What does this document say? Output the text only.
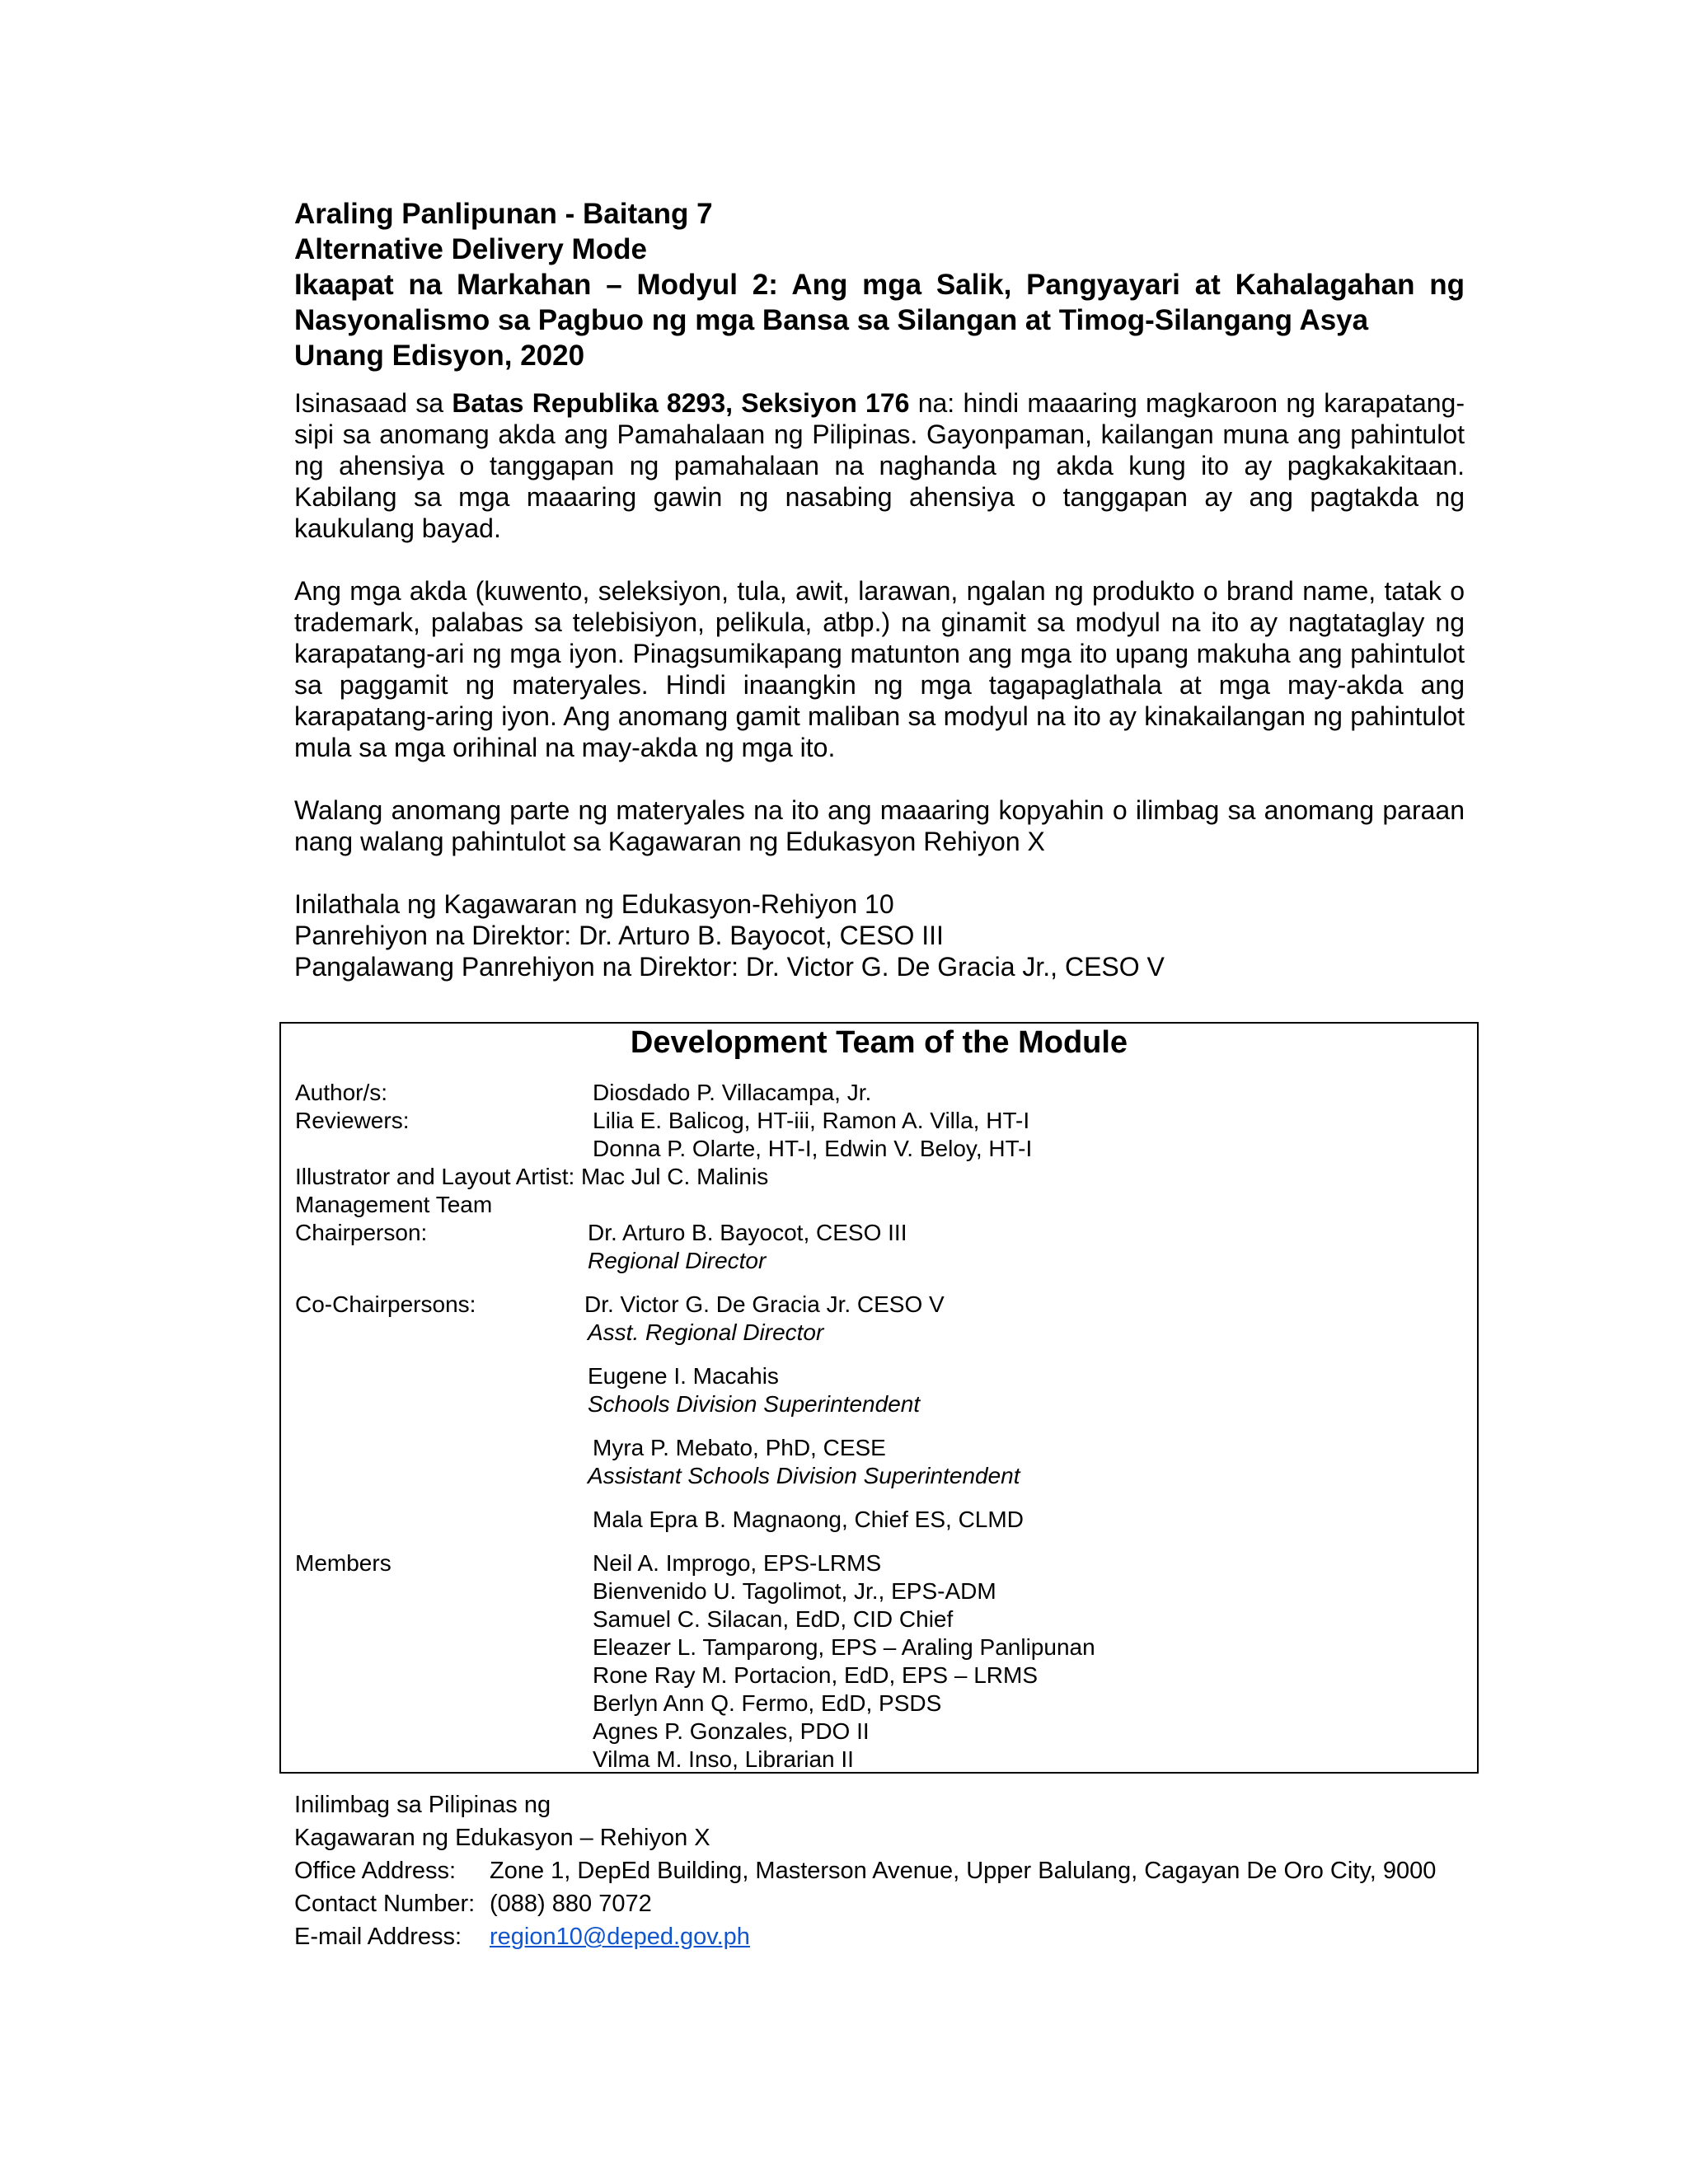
Araling Panlipunan - Baitang 7
Alternative Delivery Mode
Ikaapat na Markahan – Modyul 2: Ang mga Salik, Pangyayari at Kahalagahan ng Nasyonalismo sa Pagbuo ng mga Bansa sa Silangan at Timog-Silangang Asya
Unang Edisyon, 2020

Isinasaad sa Batas Republika 8293, Seksiyon 176 na: hindi maaaring magkaroon ng karapatang-sipi sa anomang akda ang Pamahalaan ng Pilipinas. Gayonpaman, kailangan muna ang pahintulot ng ahensiya o tanggapan ng pamahalaan na naghanda ng akda kung ito ay pagkakakitaan. Kabilang sa mga maaaring gawin ng nasabing ahensiya o tanggapan ay ang pagtakda ng kaukulang bayad.

Ang mga akda (kuwento, seleksiyon, tula, awit, larawan, ngalan ng produkto o brand name, tatak o trademark, palabas sa telebisiyon, pelikula, atbp.) na ginamit sa modyul na ito ay nagtataglay ng karapatang-ari ng mga iyon. Pinagsumikapang matunton ang mga ito upang makuha ang pahintulot sa paggamit ng materyales. Hindi inaangkin ng mga tagapaglathala at mga may-akda ang karapatang-aring iyon. Ang anomang gamit maliban sa modyul na ito ay kinakailangan ng pahintulot mula sa mga orihinal na may-akda ng mga ito.

Walang anomang parte ng materyales na ito ang maaaring kopyahin o ilimbag sa anomang paraan nang walang pahintulot sa Kagawaran ng Edukasyon Rehiyon X

Inilathala ng Kagawaran ng Edukasyon-Rehiyon 10
Panrehiyon na Direktor: Dr. Arturo B. Bayocot, CESO III
Pangalawang Panrehiyon na Direktor: Dr. Victor G. De Gracia Jr., CESO V
Development Team of the Module
Author/s:	Diosdado P. Villacampa, Jr.
Reviewers:	Lilia E. Balicog, HT-iii, Ramon A. Villa, HT-I
Donna P. Olarte, HT-I, Edwin V. Beloy, HT-I
Illustrator and Layout Artist: Mac Jul C. Malinis
Management Team
Chairperson:	Dr. Arturo B. Bayocot, CESO III
Regional Director
Co-Chairpersons:	Dr. Victor G. De Gracia Jr. CESO V
Asst. Regional Director
Eugene I. Macahis
Schools Division Superintendent
Myra P. Mebato, PhD, CESE
Assistant Schools Division Superintendent
Mala Epra B. Magnaong, Chief ES, CLMD
Members	Neil A. Improgo, EPS-LRMS
Bienvenido U. Tagolimot, Jr., EPS-ADM
Samuel C. Silacan, EdD, CID Chief
Eleazer L. Tamparong, EPS – Araling Panlipunan
Rone Ray M. Portacion, EdD, EPS – LRMS
Berlyn Ann Q. Fermo, EdD, PSDS
Agnes P. Gonzales, PDO II
Vilma M. Inso, Librarian II
Inilimbag sa Pilipinas ng
Kagawaran ng Edukasyon – Rehiyon X
Office Address: Zone 1, DepEd Building, Masterson Avenue, Upper Balulang, Cagayan De Oro City, 9000
Contact Number: (088) 880 7072
E-mail Address: region10@deped.gov.ph
